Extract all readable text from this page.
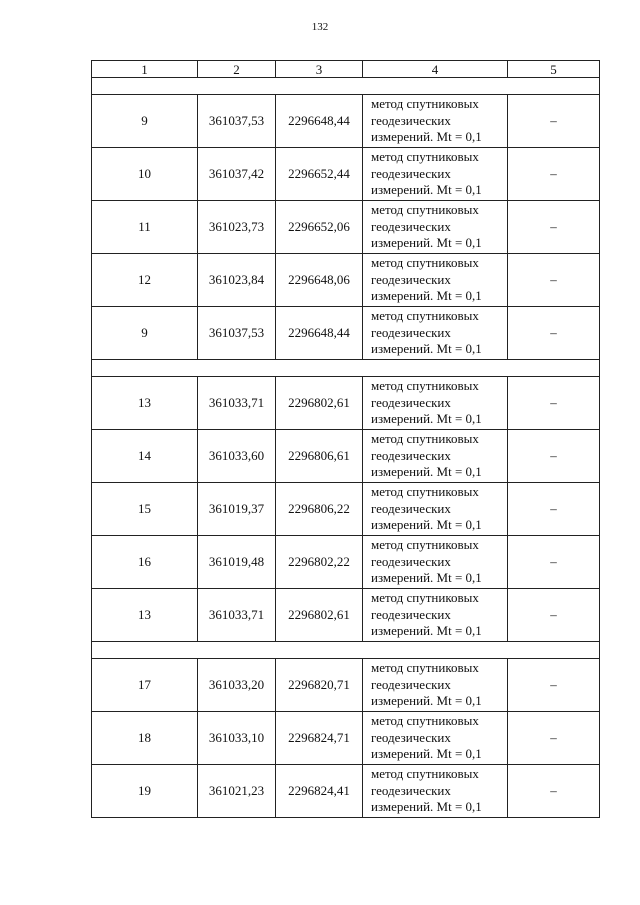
132
1	2	3	4	5

9	361037,53	2296648,44	метод спутниковых
геодезических
измерений. Mt = 0,1	–
10	361037,42	2296652,44	метод спутниковых
геодезических
измерений. Mt = 0,1	–
11	361023,73	2296652,06	метод спутниковых
геодезических
измерений. Mt = 0,1	–
12	361023,84	2296648,06	метод спутниковых
геодезических
измерений. Mt = 0,1	–
9	361037,53	2296648,44	метод спутниковых
геодезических
измерений. Mt = 0,1	–

13	361033,71	2296802,61	метод спутниковых
геодезических
измерений. Mt = 0,1	–
14	361033,60	2296806,61	метод спутниковых
геодезических
измерений. Mt = 0,1	–
15	361019,37	2296806,22	метод спутниковых
геодезических
измерений. Mt = 0,1	–
16	361019,48	2296802,22	метод спутниковых
геодезических
измерений. Mt = 0,1	–
13	361033,71	2296802,61	метод спутниковых
геодезических
измерений. Mt = 0,1	–

17	361033,20	2296820,71	метод спутниковых
геодезических
измерений. Mt = 0,1	–
18	361033,10	2296824,71	метод спутниковых
геодезических
измерений. Mt = 0,1	–
19	361021,23	2296824,41	метод спутниковых
геодезических
измерений. Mt = 0,1	–
